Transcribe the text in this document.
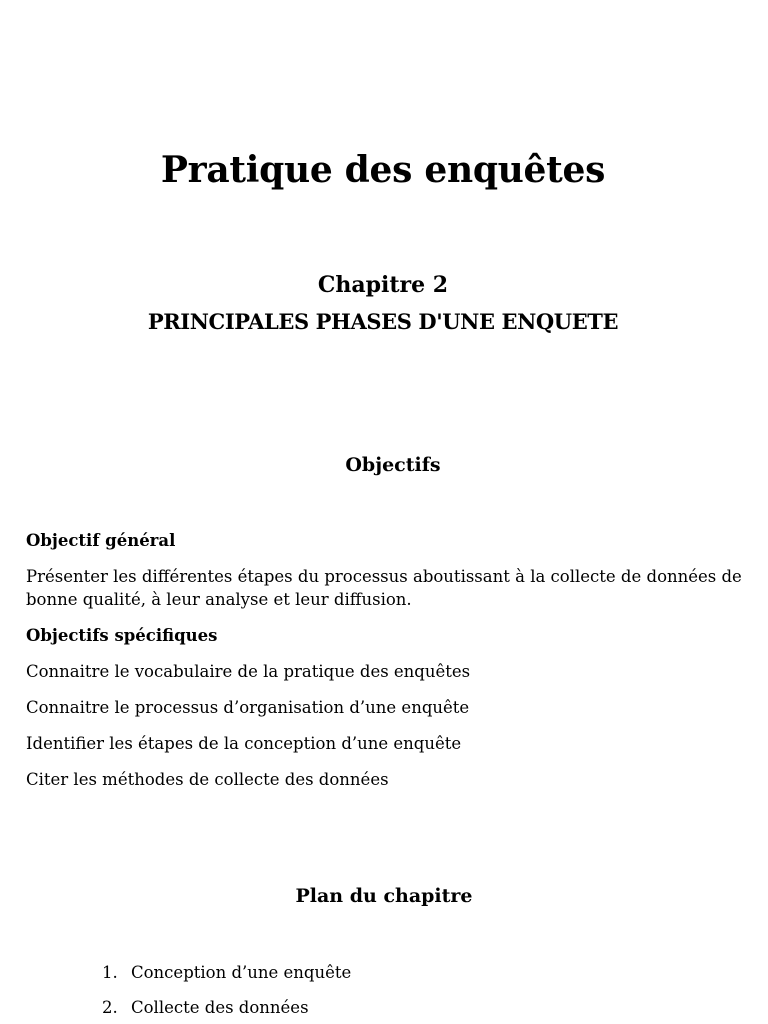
Pratique des enquêtes
Chapitre 2
PRINCIPALES PHASES D'UNE ENQUETE
Objectifs
Objectif général
Présenter les différentes étapes du processus aboutissant à la collecte de données de bonne qualité, à leur analyse et leur diffusion.
Objectifs spécifiques
Connaitre le vocabulaire de la pratique des enquêtes
Connaitre le processus d’organisation d’une enquête
Identifier les étapes de la conception d’une enquête
Citer les méthodes de collecte des données
Plan du chapitre
1. Conception d’une enquête
2. Collecte des données
